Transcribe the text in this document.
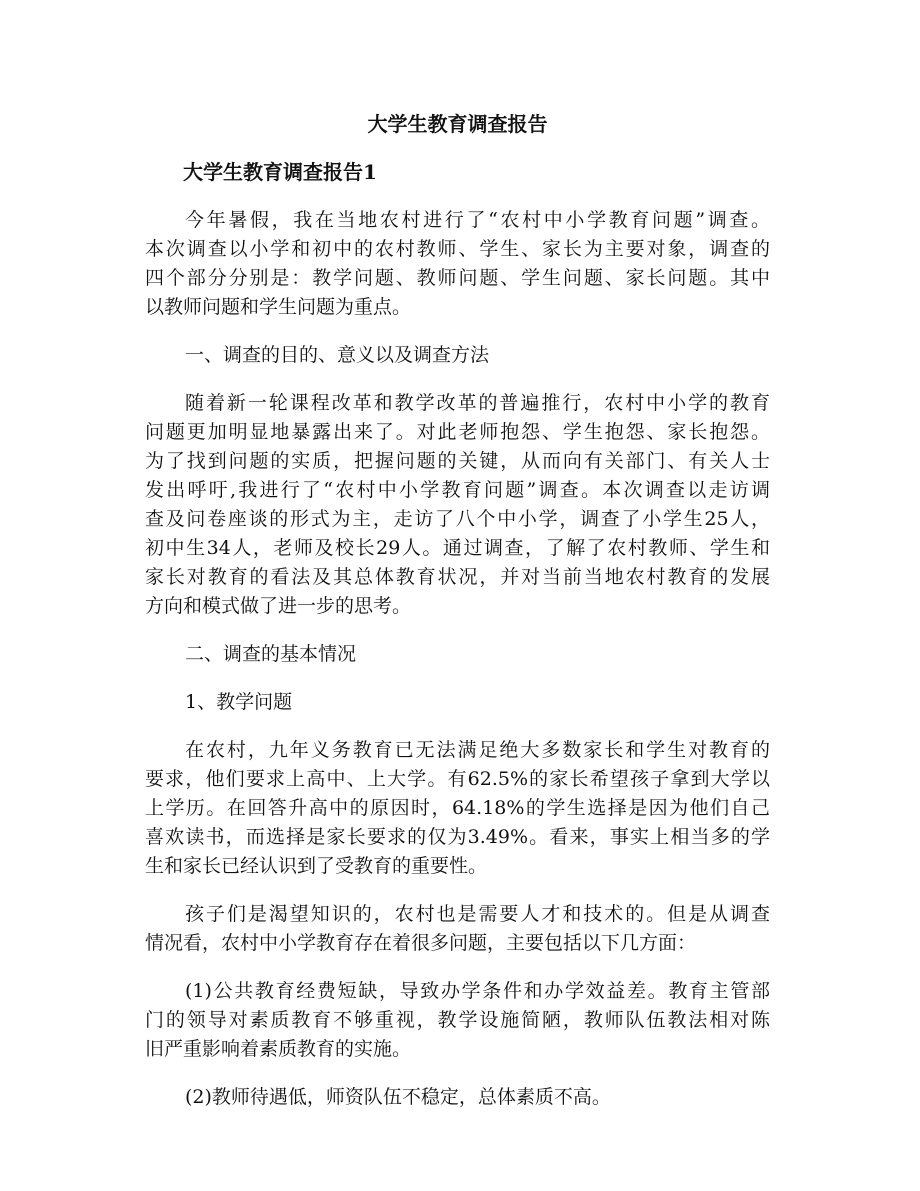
大学生教育调查报告
大学生教育调查报告1
今年暑假，我在当地农村进行了“农村中小学教育问题”调查。
本次调查以小学和初中的农村教师、学生、家长为主要对象，调查的
四个部分分别是：教学问题、教师问题、学生问题、家长问题。其中
以教师问题和学生问题为重点。
一、调查的目的、意义以及调查方法
随着新一轮课程改革和教学改革的普遍推行，农村中小学的教育
问题更加明显地暴露出来了。对此老师抱怨、学生抱怨、家长抱怨。
为了找到问题的实质，把握问题的关键，从而向有关部门、有关人士
发出呼吁,我进行了“农村中小学教育问题”调查。本次调查以走访调
查及问卷座谈的形式为主，走访了八个中小学，调查了小学生25人，
初中生34人，老师及校长29人。通过调查，了解了农村教师、学生和
家长对教育的看法及其总体教育状况，并对当前当地农村教育的发展
方向和模式做了进一步的思考。
二、调查的基本情况
1、教学问题
在农村，九年义务教育已无法满足绝大多数家长和学生对教育的
要求，他们要求上高中、上大学。有62.5%的家长希望孩子拿到大学以
上学历。在回答升高中的原因时，64.18%的学生选择是因为他们自己
喜欢读书，而选择是家长要求的仅为3.49%。看来，事实上相当多的学
生和家长已经认识到了受教育的重要性。
孩子们是渴望知识的，农村也是需要人才和技术的。但是从调查
情况看，农村中小学教育存在着很多问题，主要包括以下几方面：
(1)公共教育经费短缺，导致办学条件和办学效益差。教育主管部
门的领导对素质教育不够重视，教学设施简陋，教师队伍教法相对陈
旧严重影响着素质教育的实施。
(2)教师待遇低，师资队伍不稳定，总体素质不高。
